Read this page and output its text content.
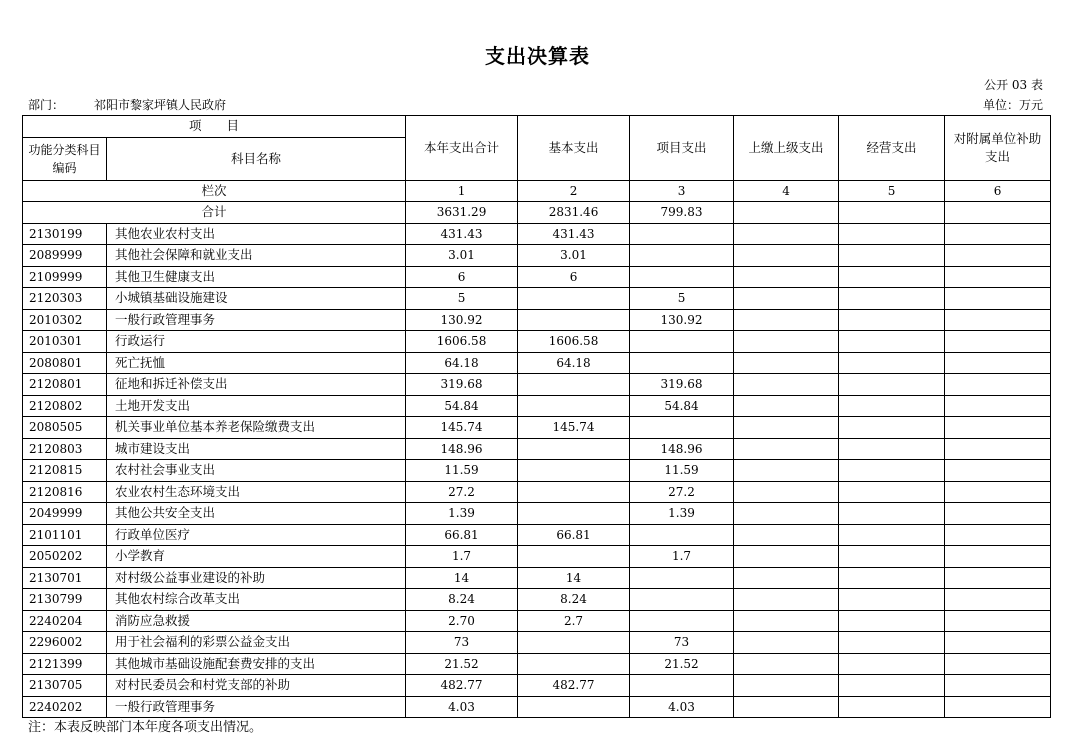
支出决算表
公开 03 表
部门：	祁阳市黎家坪镇人民政府	单位：万元
项　　目		本年支出合计	基本支出	项目支出	上缴上级支出	经营支出	对附属单位补助支出
功能分类科目编码	科目名称						
栏次		1	2	3	4	5	6
合计		3631.29	2831.46	799.83			
2130199	其他农业农村支出	431.43	431.43				
2089999	其他社会保障和就业支出	3.01	3.01				
2109999	其他卫生健康支出	6	6				
2120303	小城镇基础设施建设	5		5			
2010302	一般行政管理事务	130.92		130.92			
2010301	行政运行	1606.58	1606.58				
2080801	死亡抚恤	64.18	64.18				
2120801	征地和拆迁补偿支出	319.68		319.68			
2120802	土地开发支出	54.84		54.84			
2080505	机关事业单位基本养老保险缴费支出	145.74	145.74				
2120803	城市建设支出	148.96		148.96			
2120815	农村社会事业支出	11.59		11.59			
2120816	农业农村生态环境支出	27.2		27.2			
2049999	其他公共安全支出	1.39		1.39			
2101101	行政单位医疗	66.81	66.81				
2050202	小学教育	1.7		1.7			
2130701	对村级公益事业建设的补助	14	14				
2130799	其他农村综合改革支出	8.24	8.24				
2240204	消防应急救援	2.70	2.7				
2296002	用于社会福利的彩票公益金支出	73		73			
2121399	其他城市基础设施配套费安排的支出	21.52		21.52			
2130705	对村民委员会和村党支部的补助	482.77	482.77				
2240202	一般行政管理事务	4.03		4.03			
注：本表反映部门本年度各项支出情况。
